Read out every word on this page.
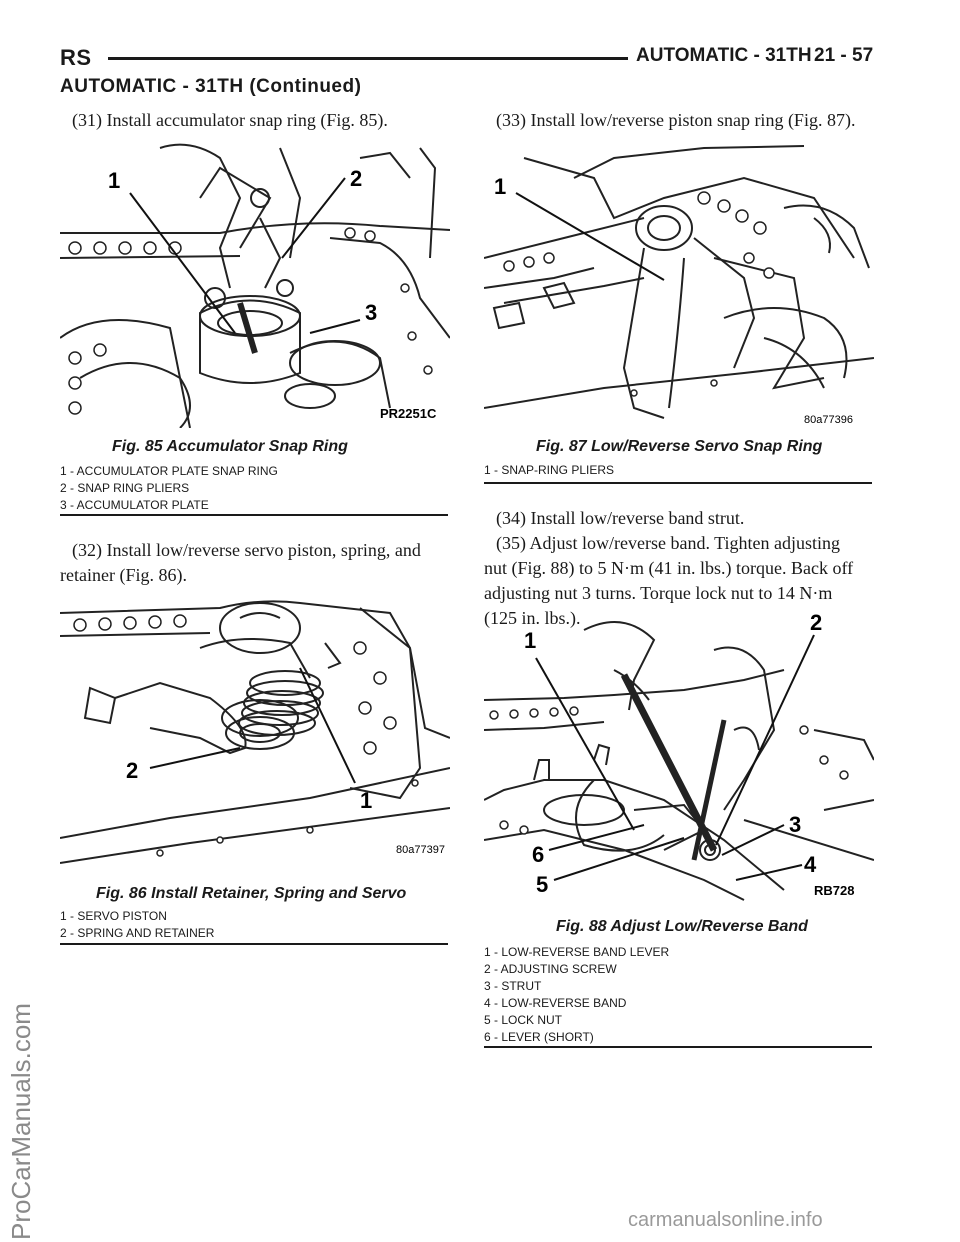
RS	AUTOMATIC - 31TH 21 - 57
AUTOMATIC - 31TH (Continued)
(31) Install accumulator snap ring (Fig. 85).
1	2
3
PR2251C
Fig. 85 Accumulator Snap Ring
1 - ACCUMULATOR PLATE SNAP RING
2 - SNAP RING PLIERS
3 - ACCUMULATOR PLATE
(32) Install low/reverse servo piston, spring, and
retainer (Fig. 86).
2
1
80a77397
Fig. 86 Install Retainer, Spring and Servo
1 - SERVO PISTON
2 - SPRING AND RETAINER
(33) Install low/reverse piston snap ring (Fig. 87).
1
80a77396
Fig. 87 Low/Reverse Servo Snap Ring
1 - SNAP-RING PLIERS
(34) Install low/reverse band strut.
(35) Adjust low/reverse band. Tighten adjusting
nut (Fig. 88) to 5 N·m (41 in. lbs.) torque. Back off
adjusting nut 3 turns. Torque lock nut to 14 N·m
(125 in. lbs.).
1
2
3
4
5
6
RB728
Fig. 88 Adjust Low/Reverse Band
1 - LOW-REVERSE BAND LEVER
2 - ADJUSTING SCREW
3 - STRUT
4 - LOW-REVERSE BAND
5 - LOCK NUT
6 - LEVER (SHORT)
ProCarManuals.com	carmanualsonline.info
